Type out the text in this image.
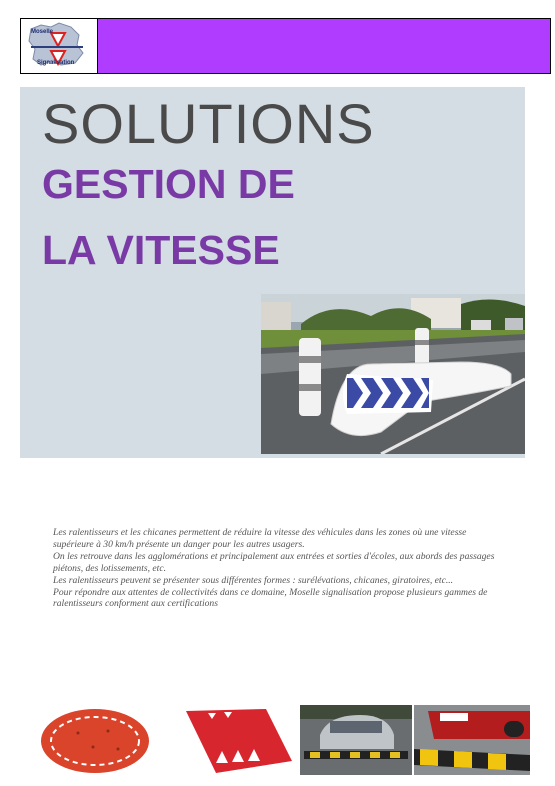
Moselle
Signalisation
SOLUTIONS
GESTION DE
LA VITESSE

Les ralentisseurs et les chicanes permettent de réduire la vitesse des véhicules dans les zones où une vitesse supérieure à 30 km/h présente un danger pour les autres usagers.

On les retrouve dans les agglomérations et principalement aux entrées et sorties d'écoles, aux abords des passages piétons, des lotissements, etc.

Les ralentisseurs peuvent se présenter sous différentes formes : surélévations, chicanes, giratoires, etc...

Pour répondre aux attentes de collectivités dans ce domaine, Moselle signalisation propose plusieurs gammes de ralentisseurs conforment aux certifications
